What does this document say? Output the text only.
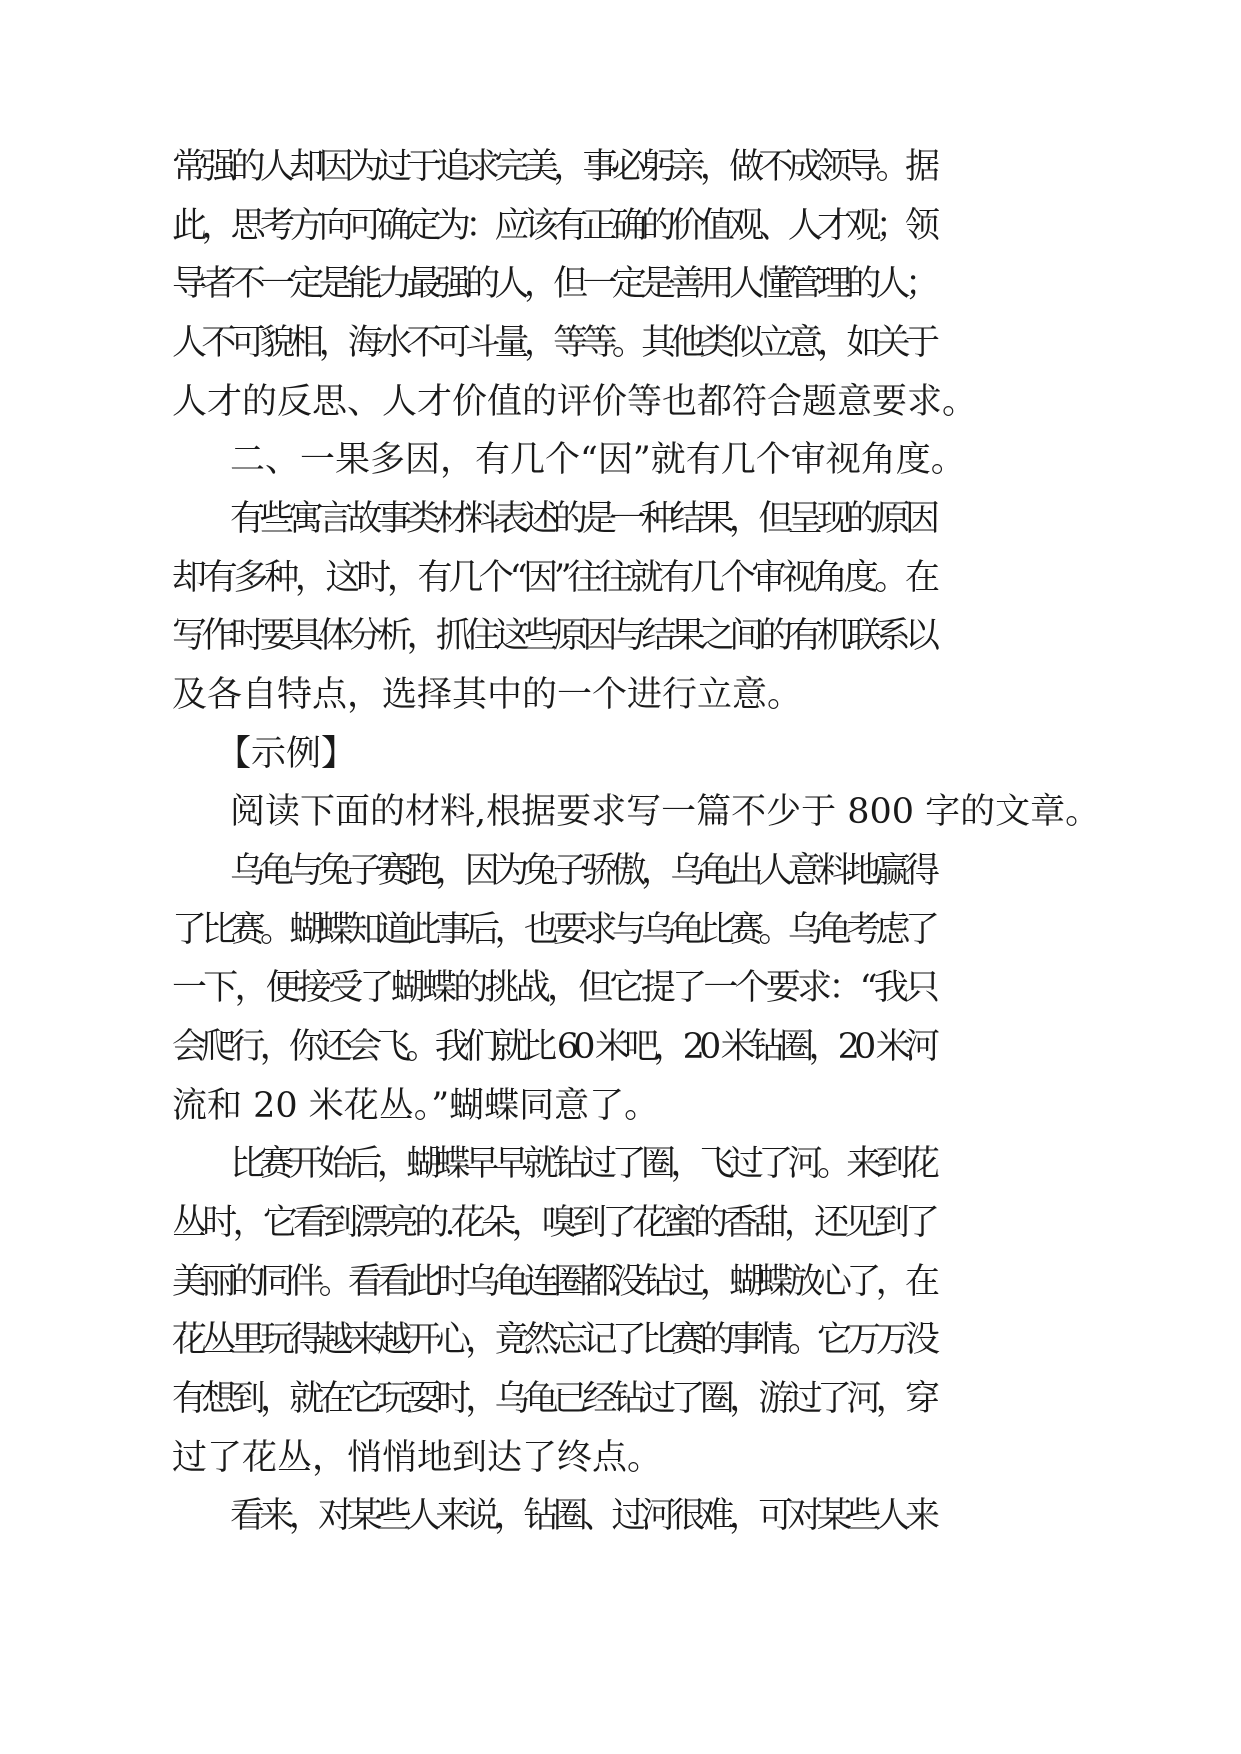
常强的人却因为过于追求完美，事必躬亲，做不成领导。据
此，思考方向可确定为：应该有正确的价值观、人才观；领
导者不一定是能力最强的人，但一定是善用人懂管理的人；
人不可貌相，海水不可斗量，等等。其他类似立意，如关于
人才的反思、人才价值的评价等也都符合题意要求。
二、一果多因，有几个“因”就有几个审视角度。
有些寓言故事类材料表述的是一种结果，但呈现的原因
却有多种，这时，有几个“因”往往就有几个审视角度。在
写作时要具体分析，抓住这些原因与结果之间的有机联系以
及各自特点，选择其中的一个进行立意。
【示例】
阅读下面的材料,根据要求写一篇不少于 800 字的文章。
乌龟与兔子赛跑，因为兔子骄傲，乌龟出人意料地赢得
了比赛。蝴蝶知道此事后，也要求与乌龟比赛。乌龟考虑了
一下，便接受了蝴蝶的挑战，但它提了一个要求：“我只
会爬行，你还会飞。我们就比 60 米吧，20 米钻圈，20 米河
流和 20 米花丛。”蝴蝶同意了。
比赛开始后，蝴蝶早早就钻过了圈，飞过了河。来到花
丛时，它看到漂亮的.花朵，嗅到了花蜜的香甜，还见到了
美丽的同伴。看看此时乌龟连圈都没钻过，蝴蝶放心了，在
花丛里玩得越来越开心，竟然忘记了比赛的事情。它万万没
有想到，就在它玩耍时，乌龟已经钻过了圈，游过了河，穿
过了花丛，悄悄地到达了终点。
看来，对某些人来说，钻圈、过河很难，可对某些人来
